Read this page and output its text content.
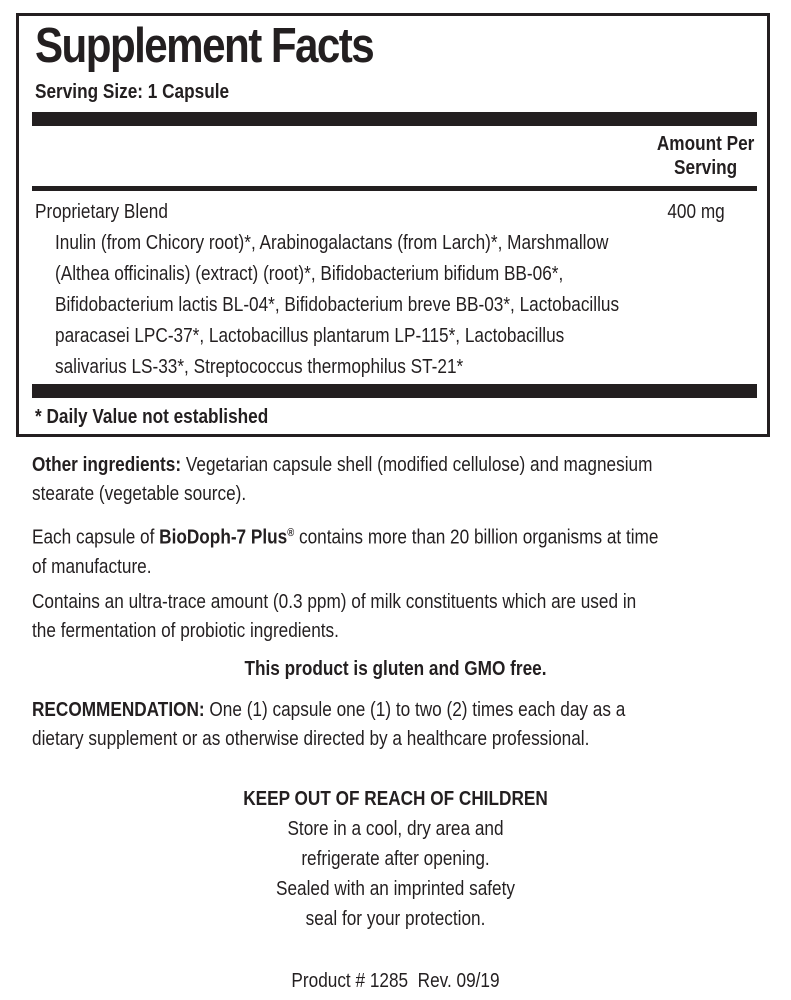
Supplement Facts
Serving Size: 1 Capsule
Amount Per
Serving
Proprietary Blend	400 mg
Inulin (from Chicory root)*, Arabinogalactans (from Larch)*, Marshmallow
(Althea officinalis) (extract) (root)*, Bifidobacterium bifidum BB-06*,
Bifidobacterium lactis BL-04*, Bifidobacterium breve BB-03*, Lactobacillus
paracasei LPC-37*, Lactobacillus plantarum LP-115*, Lactobacillus
salivarius LS-33*, Streptococcus thermophilus ST-21*
* Daily Value not established
Other ingredients: Vegetarian capsule shell (modified cellulose) and magnesium
stearate (vegetable source).
Each capsule of BioDoph-7 Plus® contains more than 20 billion organisms at time
of manufacture.
Contains an ultra-trace amount (0.3 ppm) of milk constituents which are used in
the fermentation of probiotic ingredients.
This product is gluten and GMO free.
RECOMMENDATION: One (1) capsule one (1) to two (2) times each day as a
dietary supplement or as otherwise directed by a healthcare professional.
KEEP OUT OF REACH OF CHILDREN
Store in a cool, dry area and
refrigerate after opening.
Sealed with an imprinted safety
seal for your protection.
Product # 1285  Rev. 09/19
